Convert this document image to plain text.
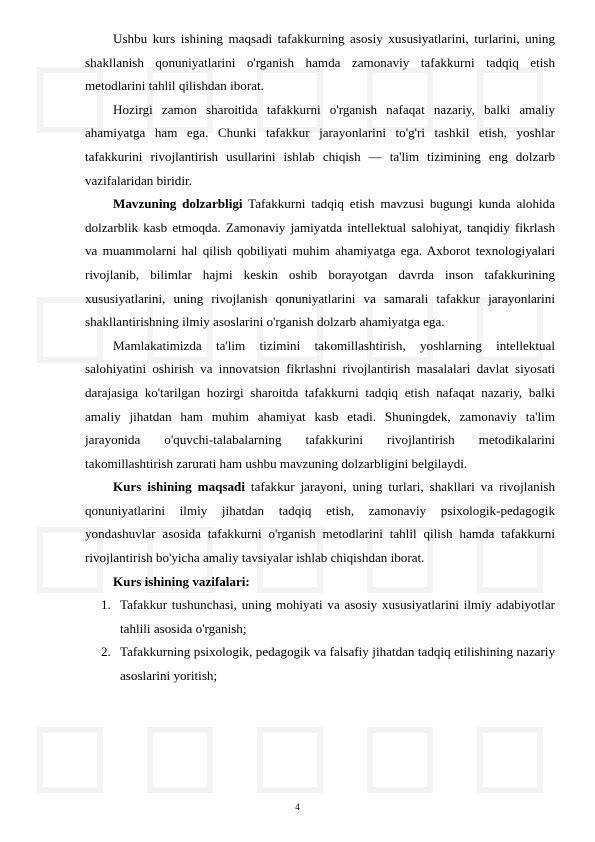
Ushbu kurs ishining maqsadi tafakkurning asosiy xususiyatlarini, turlarini, uning shakllanish qonuniyatlarini o'rganish hamda zamonaviy tafakkurni tadqiq etish metodlarini tahlil qilishdan iborat.

Hozirgi zamon sharoitida tafakkurni o'rganish nafaqat nazariy, balki amaliy ahamiyatga ham ega. Chunki tafakkur jarayonlarini to'g'ri tashkil etish, yoshlar tafakkurini rivojlantirish usullarini ishlab chiqish — ta'lim tizimining eng dolzarb vazifalaridan biridir.

Mavzuning dolzarbligi Tafakkurni tadqiq etish mavzusi bugungi kunda alohida dolzarblik kasb etmoqda. Zamonaviy jamiyatda intellektual salohiyat, tanqidiy fikrlash va muammolarni hal qilish qobiliyati muhim ahamiyatga ega. Axborot texnologiyalari rivojlanib, bilimlar hajmi keskin oshib borayotgan davrda inson tafakkurining xususiyatlarini, uning rivojlanish qonuniyatlarini va samarali tafakkur jarayonlarini shakllantirishning ilmiy asoslarini o'rganish dolzarb ahamiyatga ega.

Mamlakatimizda ta'lim tizimini takomillashtirish, yoshlarning intellektual salohiyatini oshirish va innovatsion fikrlashni rivojlantirish masalalari davlat siyosati darajasiga ko'tarilgan hozirgi sharoitda tafakkurni tadqiq etish nafaqat nazariy, balki amaliy jihatdan ham muhim ahamiyat kasb etadi. Shuningdek, zamonaviy ta'lim jarayonida o'quvchi-talabalarning tafakkurini rivojlantirish metodikalarini takomillashtirish zarurati ham ushbu mavzuning dolzarbligini belgilaydi.

Kurs ishining maqsadi tafakkur jarayoni, uning turlari, shakllari va rivojlanish qonuniyatlarini ilmiy jihatdan tadqiq etish, zamonaviy psixologik-pedagogik yondashuvlar asosida tafakkurni o'rganish metodlarini tahlil qilish hamda tafakkurni rivojlantirish bo'yicha amaliy tavsiyalar ishlab chiqishdan iborat.

Kurs ishining vazifalari:

1. Tafakkur tushunchasi, uning mohiyati va asosiy xususiyatlarini ilmiy adabiyotlar tahlili asosida o'rganish;
2. Tafakkurning psixologik, pedagogik va falsafiy jihatdan tadqiq etilishining nazariy asoslarini yoritish;
4
